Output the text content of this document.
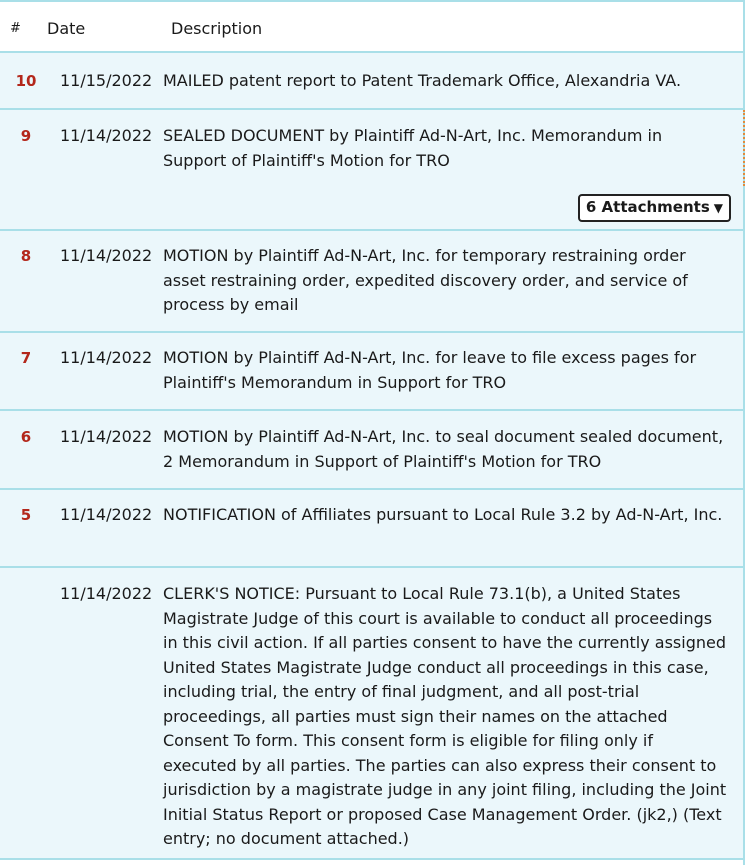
# Date	Description
10 11/15/2022 MAILED patent report to Patent Trademark Office, Alexandria VA.
9	11/14/2022 SEALED DOCUMENT by Plaintiff Ad-N-Art, Inc. Memorandum in Support of Plaintiff's Motion for TRO
6 Attachments ▼
8	11/14/2022 MOTION by Plaintiff Ad-N-Art, Inc. for temporary restraining order asset restraining order, expedited discovery order, and service of process by email
7	11/14/2022 MOTION by Plaintiff Ad-N-Art, Inc. for leave to file excess pages for Plaintiff's Memorandum in Support for TRO
6	11/14/2022 MOTION by Plaintiff Ad-N-Art, Inc. to seal document sealed document, 2 Memorandum in Support of Plaintiff's Motion for TRO
5	11/14/2022 NOTIFICATION of Affiliates pursuant to Local Rule 3.2 by Ad-N-Art, Inc.
11/14/2022 CLERK'S NOTICE: Pursuant to Local Rule 73.1(b), a United States Magistrate Judge of this court is available to conduct all proceedings in this civil action. If all parties consent to have the currently assigned United States Magistrate Judge conduct all proceedings in this case, including trial, the entry of final judgment, and all post-trial proceedings, all parties must sign their names on the attached Consent To form. This consent form is eligible for filing only if executed by all parties. The parties can also express their consent to jurisdiction by a magistrate judge in any joint filing, including the Joint Initial Status Report or proposed Case Management Order. (jk2,) (Text entry; no document attached.)
